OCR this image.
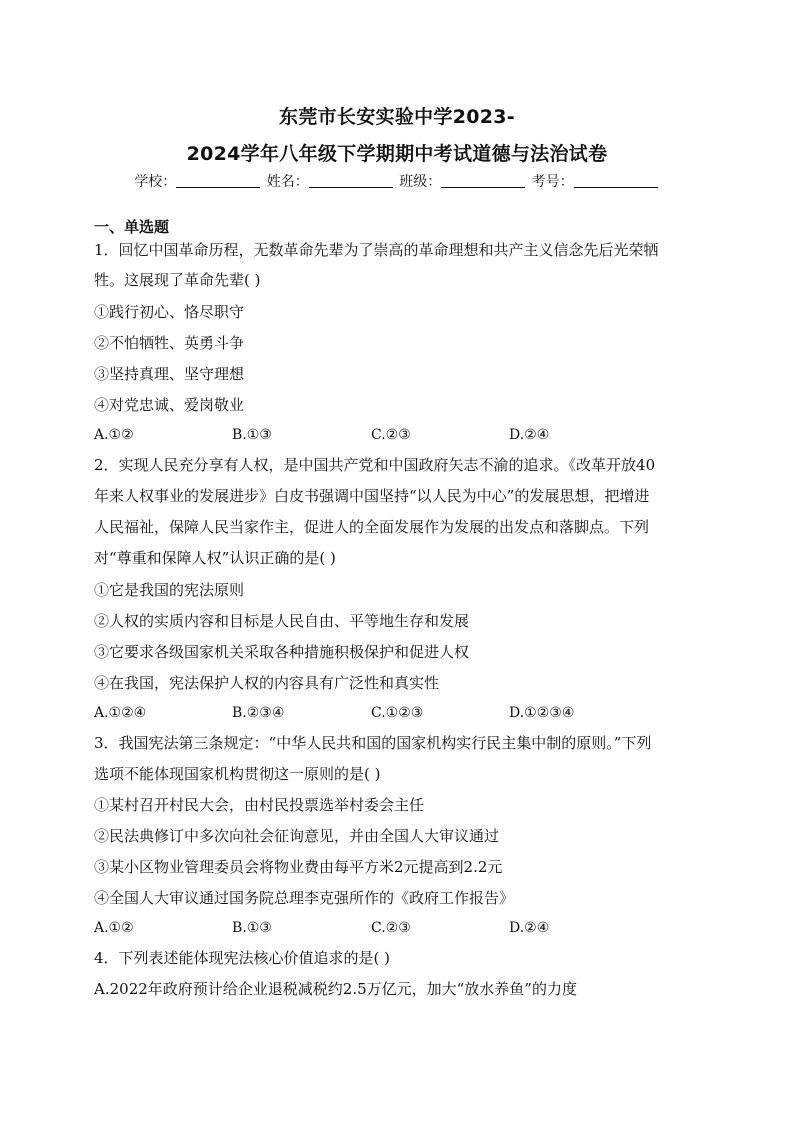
东莞市长安实验中学2023-
2024学年八年级下学期期中考试道德与法治试卷
学校：	姓名：	班级：	考号：
一、单选题
1．回忆中国革命历程，无数革命先辈为了崇高的革命理想和共产主义信念先后光荣牺
牲。这展现了革命先辈( )
①践行初心、恪尽职守
②不怕牺牲、英勇斗争
③坚持真理、坚守理想
④对党忠诚、爱岗敬业
A.①②	B.①③	C.②③	D.②④
2．实现人民充分享有人权，是中国共产党和中国政府矢志不渝的追求。《改革开放40
年来人权事业的发展进步》白皮书强调中国坚持“以人民为中心”的发展思想，把增进
人民福祉，保障人民当家作主，促进人的全面发展作为发展的出发点和落脚点。下列
对“尊重和保障人权”认识正确的是( )
①它是我国的宪法原则
②人权的实质内容和目标是人民自由、平等地生存和发展
③它要求各级国家机关采取各种措施积极保护和促进人权
④在我国，宪法保护人权的内容具有广泛性和真实性
A.①②④	B.②③④	C.①②③	D.①②③④
3．我国宪法第三条规定：“中华人民共和国的国家机构实行民主集中制的原则。”下列
选项不能体现国家机构贯彻这一原则的是( )
①某村召开村民大会，由村民投票选举村委会主任
②民法典修订中多次向社会征询意见，并由全国人大审议通过
③某小区物业管理委员会将物业费由每平方米2元提高到2.2元
④全国人大审议通过国务院总理李克强所作的《政府工作报告》
A.①②	B.①③	C.②③	D.②④
4．下列表述能体现宪法核心价值追求的是( )
A.2022年政府预计给企业退税减税约2.5万亿元，加大“放水养鱼”的力度
